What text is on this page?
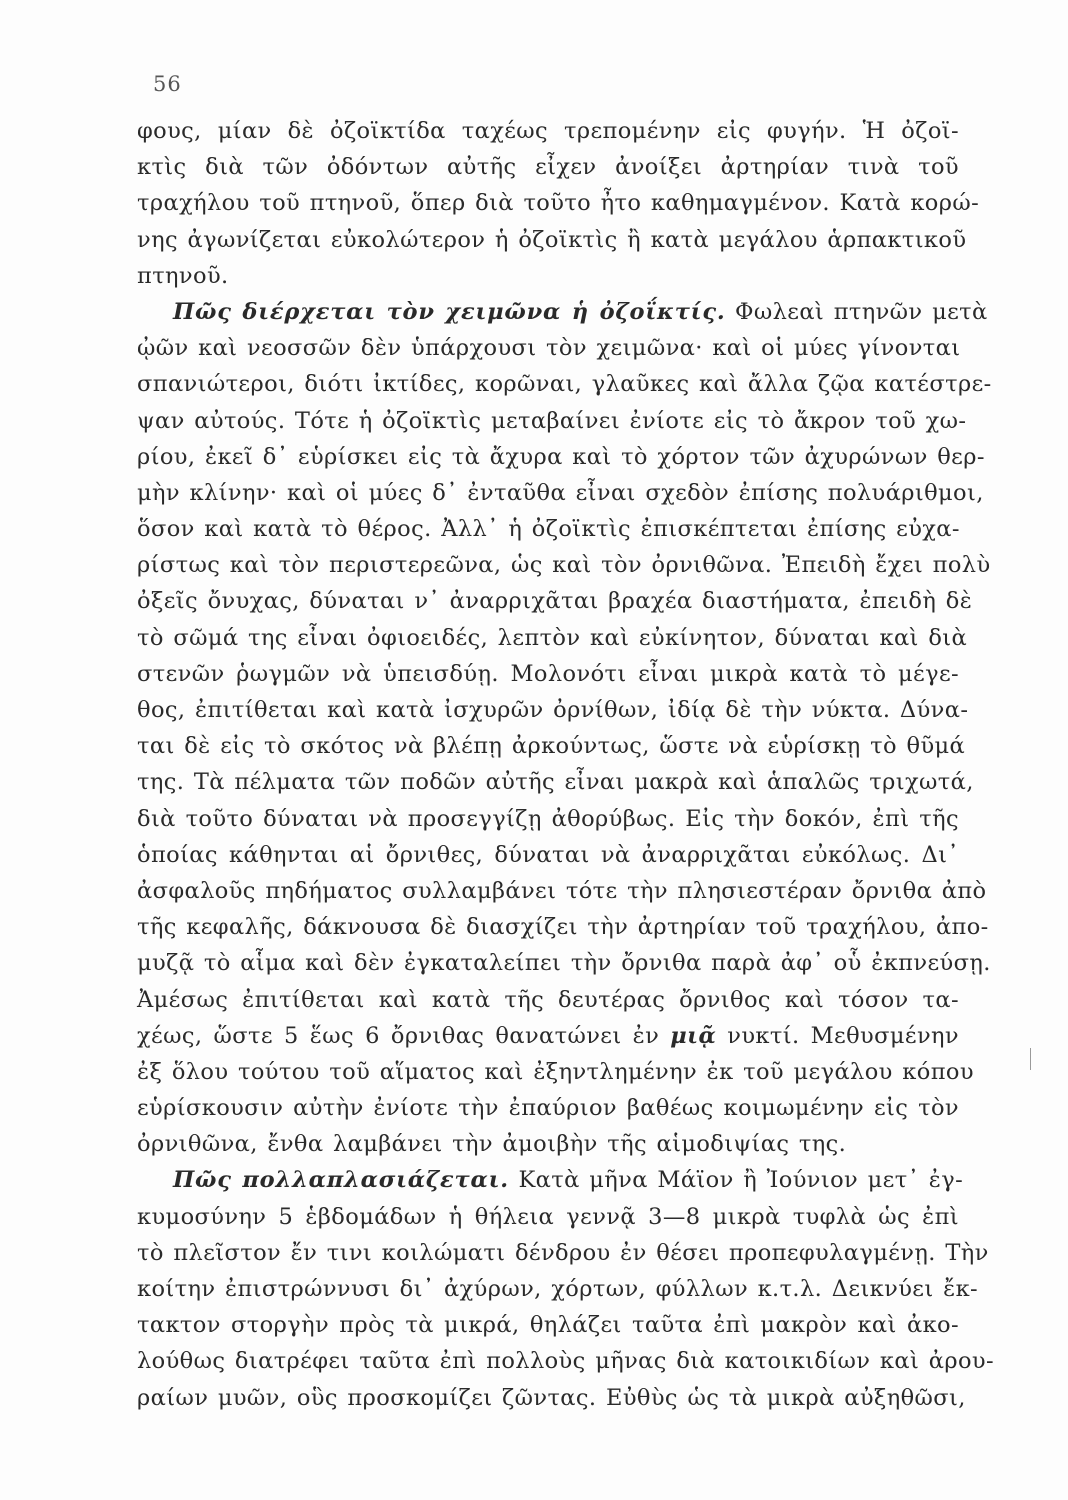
56
φους, μίαν δὲ ὀζοϊκτίδα ταχέως τρεπομένην εἰς φυγήν. Ἡ ὀζοϊ-
κτὶς διὰ τῶν ὀδόντων αὐτῆς εἶχεν ἀνοίξει ἀρτηρίαν τινὰ τοῦ
τραχήλου τοῦ πτηνοῦ, ὅπερ διὰ τοῦτο ἦτο καθημαγμένον. Κατὰ κορώ-
νης ἀγωνίζεται εὐκολώτερον ἡ ὀζοϊκτὶς ἢ κατὰ μεγάλου ἁρπακτικοῦ
πτηνοῦ.
Πῶς διέρχεται τὸν χειμῶνα ἡ ὀζοΐκτίς. Φωλεαὶ πτηνῶν μετὰ
ᾠῶν καὶ νεοσσῶν δὲν ὑπάρχουσι τὸν χειμῶνα· καὶ οἱ μύες γίνονται
σπανιώτεροι, διότι ἰκτίδες, κορῶναι, γλαῦκες καὶ ἄλλα ζῷα κατέστρε-
ψαν αὐτούς. Τότε ἡ ὀζοϊκτὶς μεταβαίνει ἐνίοτε εἰς τὸ ἄκρον τοῦ χω-
ρίου, ἐκεῖ δ᾽ εὑρίσκει εἰς τὰ ἄχυρα καὶ τὸ χόρτον τῶν ἀχυρώνων θερ-
μὴν κλίνην· καὶ οἱ μύες δ᾽ ἐνταῦθα εἶναι σχεδὸν ἐπίσης πολυάριθμοι,
ὅσον καὶ κατὰ τὸ θέρος. Ἀλλ᾽ ἡ ὀζοϊκτὶς ἐπισκέπτεται ἐπίσης εὐχα-
ρίστως καὶ τὸν περιστερεῶνα, ὡς καὶ τὸν ὀρνιθῶνα. Ἐπειδὴ ἔχει πολὺ
ὀξεῖς ὄνυχας, δύναται ν᾽ ἀναρριχᾶται βραχέα διαστήματα, ἐπειδὴ δὲ
τὸ σῶμά της εἶναι ὀφιοειδές, λεπτὸν καὶ εὐκίνητον, δύναται καὶ διὰ
στενῶν ῥωγμῶν νὰ ὑπεισδύῃ. Μολονότι εἶναι μικρὰ κατὰ τὸ μέγε-
θος, ἐπιτίθεται καὶ κατὰ ἰσχυρῶν ὀρνίθων, ἰδίᾳ δὲ τὴν νύκτα. Δύνα-
ται δὲ εἰς τὸ σκότος νὰ βλέπῃ ἀρκούντως, ὥστε νὰ εὑρίσκῃ τὸ θῦμά
της. Τὰ πέλματα τῶν ποδῶν αὐτῆς εἶναι μακρὰ καὶ ἁπαλῶς τριχωτά,
διὰ τοῦτο δύναται νὰ προσεγγίζῃ ἀθορύβως. Εἰς τὴν δοκόν, ἐπὶ τῆς
ὁποίας κάθηνται αἱ ὄρνιθες, δύναται νὰ ἀναρριχᾶται εὐκόλως. Δι᾽
ἀσφαλοῦς πηδήματος συλλαμβάνει τότε τὴν πλησιεστέραν ὄρνιθα ἀπὸ
τῆς κεφαλῆς, δάκνουσα δὲ διασχίζει τὴν ἀρτηρίαν τοῦ τραχήλου, ἀπο-
μυζᾷ τὸ αἷμα καὶ δὲν ἐγκαταλείπει τὴν ὄρνιθα παρὰ ἀφ᾽ οὗ ἐκπνεύσῃ.
Ἀμέσως ἐπιτίθεται καὶ κατὰ τῆς δευτέρας ὄρνιθος καὶ τόσον τα-
χέως, ὥστε 5 ἕως 6 ὄρνιθας θανατώνει ἐν μιᾷ νυκτί. Μεθυσμένην
ἐξ ὅλου τούτου τοῦ αἵματος καὶ ἐξηντλημένην ἐκ τοῦ μεγάλου κόπου
εὑρίσκουσιν αὐτὴν ἐνίοτε τὴν ἐπαύριον βαθέως κοιμωμένην εἰς τὸν
ὀρνιθῶνα, ἔνθα λαμβάνει τὴν ἀμοιβὴν τῆς αἱμοδιψίας της.
Πῶς πολλαπλασιάζεται. Κατὰ μῆνα Μάϊον ἢ Ἰούνιον μετ᾽ ἐγ-
κυμοσύνην 5 ἑβδομάδων ἡ θήλεια γεννᾷ 3—8 μικρὰ τυφλὰ ὡς ἐπὶ
τὸ πλεῖστον ἔν τινι κοιλώματι δένδρου ἐν θέσει προπεφυλαγμένῃ. Τὴν
κοίτην ἐπιστρώννυσι δι᾽ ἀχύρων, χόρτων, φύλλων κ.τ.λ. Δεικνύει ἔκ-
τακτον στοργὴν πρὸς τὰ μικρά, θηλάζει ταῦτα ἐπὶ μακρὸν καὶ ἀκο-
λούθως διατρέφει ταῦτα ἐπὶ πολλοὺς μῆνας διὰ κατοικιδίων καὶ ἀρου-
ραίων μυῶν, οὓς προσκομίζει ζῶντας. Εὐθὺς ὡς τὰ μικρὰ αὐξηθῶσι,
